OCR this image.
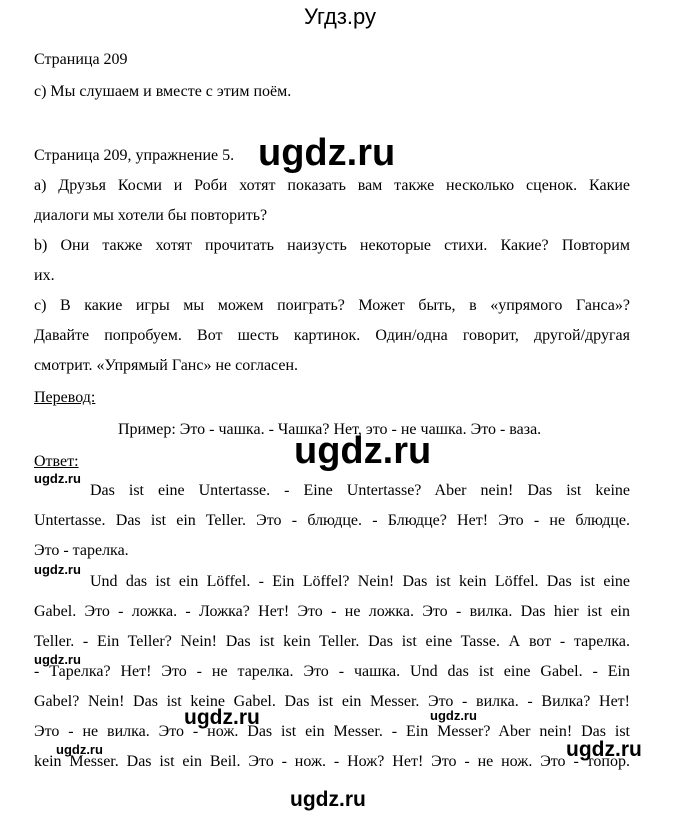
Угдз.ру
Страница 209
c) Мы слушаем и вместе с этим поём.
Страница 209, упражнение 5.
а) Друзья Косми и Роби хотят показать вам также несколько сценок. Какие
диалоги мы хотели бы повторить?
b) Они также хотят прочитать наизусть некоторые стихи. Какие? Повторим
их.
c) В какие игры мы можем поиграть? Может быть, в «упрямого Ганса»?
Давайте попробуем. Вот шесть картинок. Один/одна говорит, другой/другая
смотрит. «Упрямый Ганс» не согласен.
Перевод:
Пример: Это - чашка. - Чашка? Нет, это - не чашка. Это - ваза.
Ответ:
Das ist eine Untertasse. - Eine Untertasse? Aber nein! Das ist keine
Untertasse. Das ist ein Teller. Это - блюдце. - Блюдце? Нет! Это - не блюдце.
Это - тарелка.
Und das ist ein Löffel. - Ein Löffel? Nein! Das ist kein Löffel. Das ist eine
Gabel. Это - ложка. - Ложка? Нет! Это - не ложка. Это - вилка. Das hier ist ein
Teller. - Ein Teller? Nein! Das ist kein Teller. Das ist eine Tasse. А вот - тарелка.
- Тарелка? Нет! Это - не тарелка. Это - чашка. Und das ist eine Gabel. - Ein
Gabel? Nein! Das ist keine Gabel. Das ist ein Messer. Это - вилка. - Вилка? Нет!
Это - не вилка. Это - нож. Das ist ein Messer. - Ein Messer? Aber nein! Das ist
kein Messer. Das ist ein Beil. Это - нож. - Нож? Нет! Это - не нож. Это - топор.
ugdz.ru
ugdz.ru
ugdz.ru
ugdz.ru
ugdz.ru
ugdz.ru	ugdz.ru
ugdz.ru	ugdz.ru
ugdz.ru
